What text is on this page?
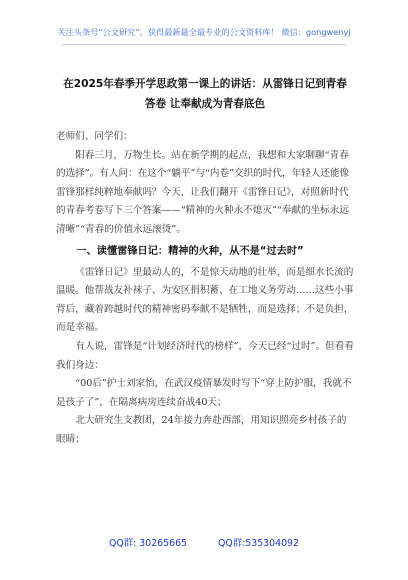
关注头条号“公文研究”，获得最新最全最专业的公文资料库！ 微信：gongwenyj
在2025年春季开学思政第一课上的讲话：从雷锋日记到青春答卷 让奉献成为青春底色

老师们、同学们：

阳春三月，万物生长。站在新学期的起点，我想和大家聊聊“青春的选择”。有人问：在这个“躺平”与“内卷”交织的时代，年轻人还能像雷锋那样纯粹地奉献吗？今天，让我们翻开《雷锋日记》，对照新时代的青春考卷写下三个答案——“精神的火种永不熄灭”“奉献的坐标永远清晰”“青春的价值永远滚烫”。

一、读懂雷锋日记：精神的火种，从不是“过去时”

《雷锋日记》里最动人的，不是惊天动地的壮举，而是细水长流的温暖。他帮战友补袜子、为安区捐积蓄、在工地义务劳动……这些小事背后，藏着跨越时代的精神密码奉献不是牺牲，而是选择；不是负担，而是幸福。

有人说，雷锋是“计划经济时代的榜样”，今天已经“过时”。但看看我们身边：

“00后”护士刘家怡，在武汉疫情暴发时写下“穿上防护服，我就不是孩子了”，在隔离病房连续奋战40天；

北大研究生支教团，24年接力奔赴西部，用知识照亮乡村孩子的眼睛；

QQ群: 30265665	QQ群:535304092
